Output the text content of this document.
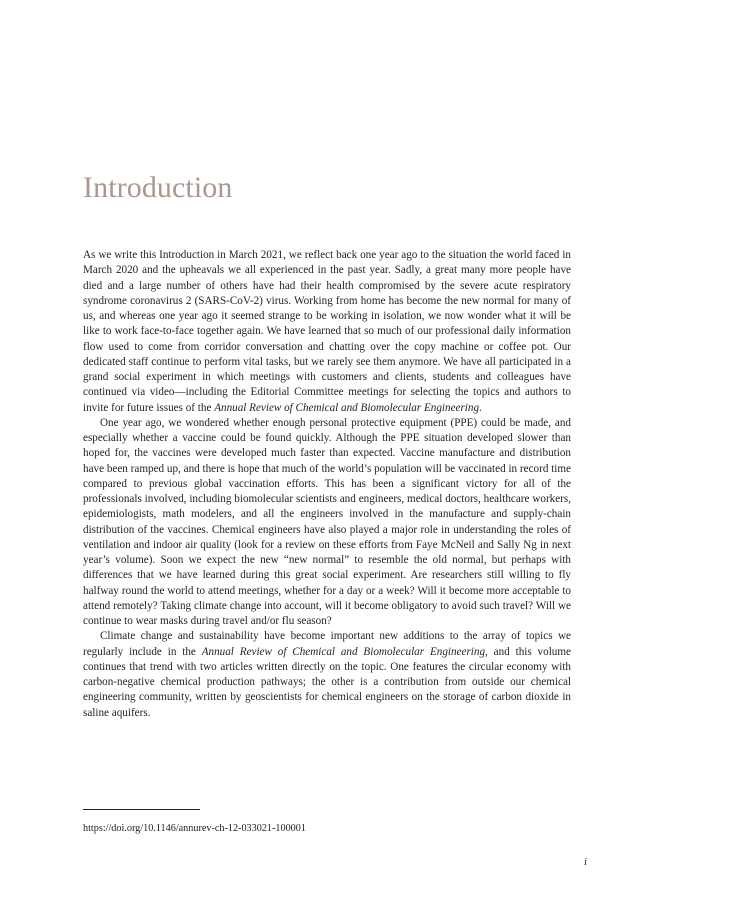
Introduction

As we write this Introduction in March 2021, we reflect back one year ago to the situation the world faced in March 2020 and the upheavals we all experienced in the past year. Sadly, a great many more people have died and a large number of others have had their health compromised by the severe acute respiratory syndrome coronavirus 2 (SARS-CoV-2) virus. Working from home has become the new normal for many of us, and whereas one year ago it seemed strange to be working in isolation, we now wonder what it will be like to work face-to-face together again. We have learned that so much of our professional daily information flow used to come from corridor conversation and chatting over the copy machine or coffee pot. Our dedicated staff continue to perform vital tasks, but we rarely see them anymore. We have all participated in a grand social experiment in which meetings with customers and clients, students and colleagues have continued via video—including the Editorial Committee meetings for selecting the topics and authors to invite for future issues of the Annual Review of Chemical and Biomolecular Engineering.

One year ago, we wondered whether enough personal protective equipment (PPE) could be made, and especially whether a vaccine could be found quickly. Although the PPE situation developed slower than hoped for, the vaccines were developed much faster than expected. Vaccine manufacture and distribution have been ramped up, and there is hope that much of the world’s population will be vaccinated in record time compared to previous global vaccination efforts. This has been a significant victory for all of the professionals involved, including biomolecular scientists and engineers, medical doctors, healthcare workers, epidemiologists, math modelers, and all the engineers involved in the manufacture and supply-chain distribution of the vaccines. Chemical engineers have also played a major role in understanding the roles of ventilation and indoor air quality (look for a review on these efforts from Faye McNeil and Sally Ng in next year’s volume). Soon we expect the new “new normal” to resemble the old normal, but perhaps with differences that we have learned during this great social experiment. Are researchers still willing to fly halfway round the world to attend meetings, whether for a day or a week? Will it become more acceptable to attend remotely? Taking climate change into account, will it become obligatory to avoid such travel? Will we continue to wear masks during travel and/or flu season?

Climate change and sustainability have become important new additions to the array of topics we regularly include in the Annual Review of Chemical and Biomolecular Engineering, and this volume continues that trend with two articles written directly on the topic. One features the circular economy with carbon-negative chemical production pathways; the other is a contribution from outside our chemical engineering community, written by geoscientists for chemical engineers on the storage of carbon dioxide in saline aquifers.

https://doi.org/10.1146/annurev-ch-12-033021-100001
i
